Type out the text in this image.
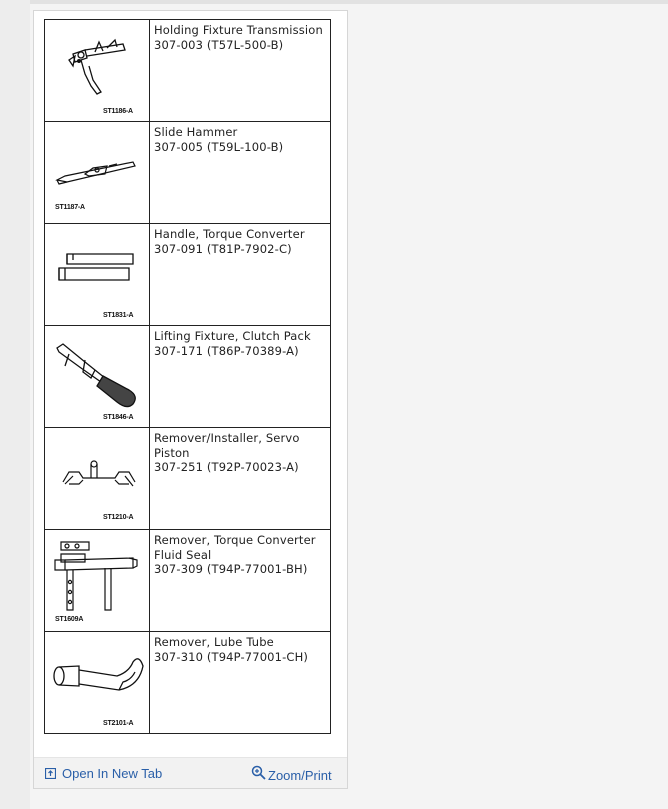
ST1186-A	Holding Fixture Transmission
307-003 (T57L-500-B)

ST1187-A	Slide Hammer
307-005 (T59L-100-B)

ST1831-A	Handle, Torque Converter
307-091 (T81P-7902-C)

ST1846-A	Lifting Fixture, Clutch Pack
307-171 (T86P-70389-A)

ST1210-A	Remover/Installer, Servo
Piston
307-251 (T92P-70023-A)

ST1609A	Remover, Torque Converter
Fluid Seal
307-309 (T94P-77001-BH)

ST2101-A	Remover, Lube Tube
307-310 (T94P-77001-CH)
Open In New Tab	Zoom/Print
